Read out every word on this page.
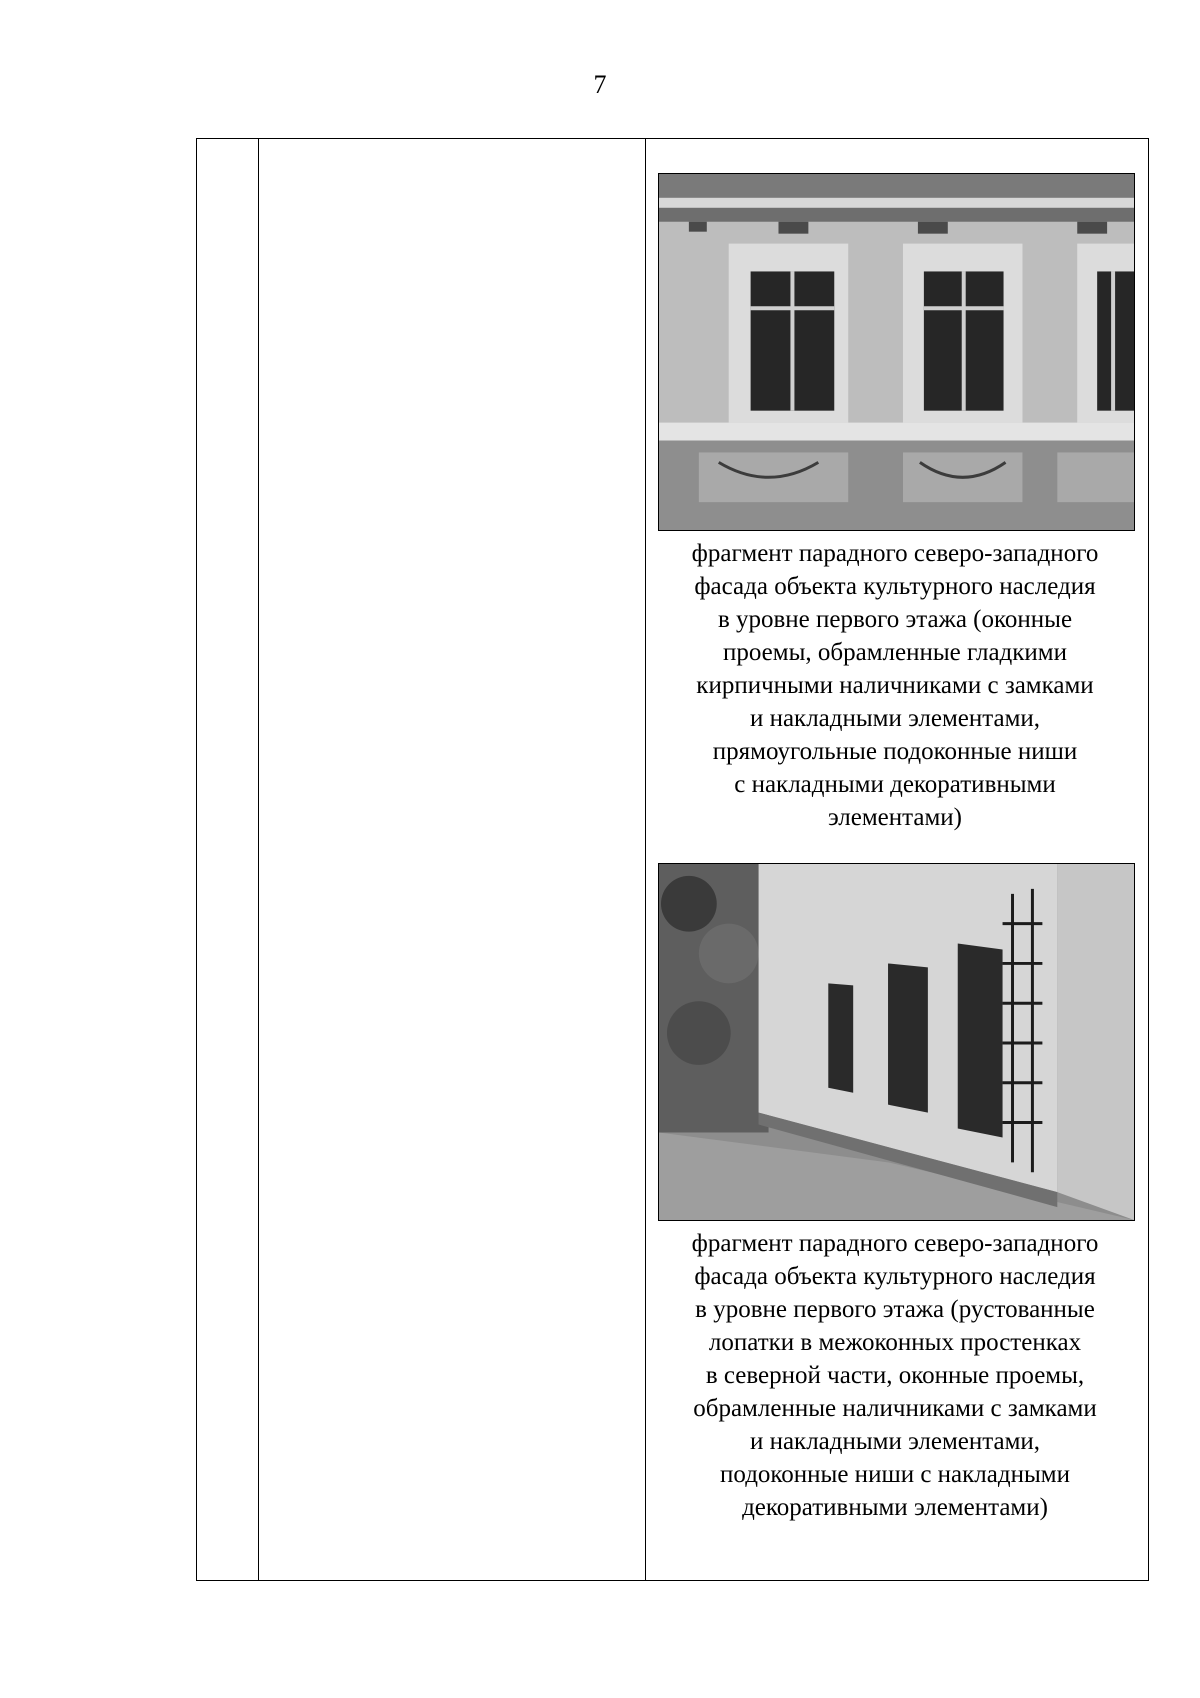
7
фрагмент парадного северо-западного
фасада объекта культурного наследия
в уровне первого этажа (оконные
проемы, обрамленные гладкими
кирпичными наличниками с замками
и накладными элементами,
прямоугольные подоконные ниши
с накладными декоративными
элементами)
фрагмент парадного северо-западного
фасада объекта культурного наследия
в уровне первого этажа (рустованные
лопатки в межоконных простенках
в северной части, оконные проемы,
обрамленные наличниками с замками
и накладными элементами,
подоконные ниши с накладными
декоративными элементами)
